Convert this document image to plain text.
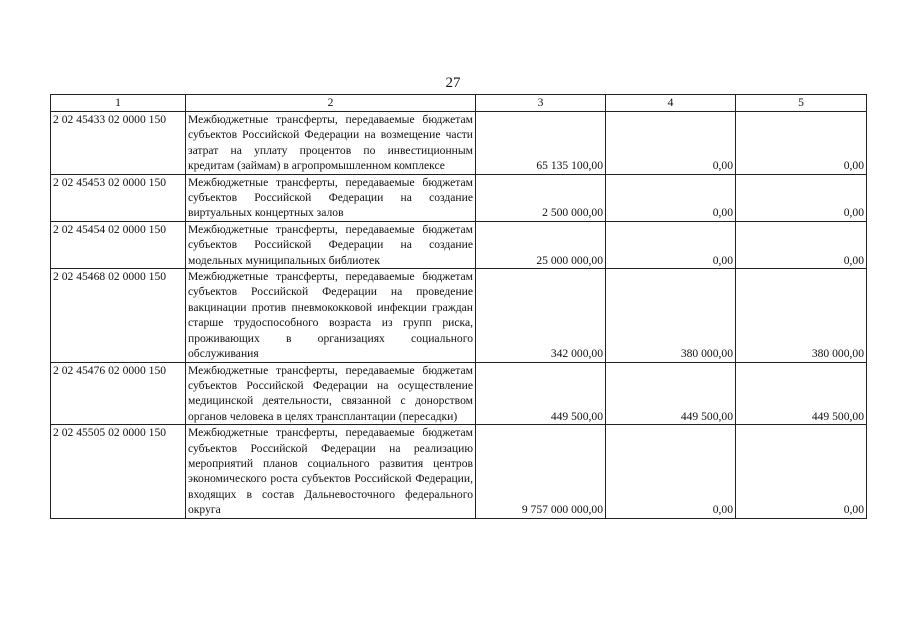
27
1	2	3	4	5
2 02 45433 02 0000 150	Межбюджетные трансферты, передаваемые бюджетам субъектов Российской Федерации на возмещение части затрат на уплату процентов по инвестиционным кредитам (займам) в агропромышленном комплексе	65 135 100,00	0,00	0,00
2 02 45453 02 0000 150	Межбюджетные трансферты, передаваемые бюджетам субъектов Российской Федерации на создание виртуальных концертных залов	2 500 000,00	0,00	0,00
2 02 45454 02 0000 150	Межбюджетные трансферты, передаваемые бюджетам субъектов Российской Федерации на создание модельных муниципальных библиотек	25 000 000,00	0,00	0,00
2 02 45468 02 0000 150	Межбюджетные трансферты, передаваемые бюджетам субъектов Российской Федерации на проведение вакцинации против пневмококковой инфекции граждан старше трудоспособного возраста из групп риска, проживающих в организациях социального обслуживания	342 000,00	380 000,00	380 000,00
2 02 45476 02 0000 150	Межбюджетные трансферты, передаваемые бюджетам субъектов Российской Федерации на осуществление медицинской деятельности, связанной с донорством органов человека в целях трансплантации (пересадки)	449 500,00	449 500,00	449 500,00
2 02 45505 02 0000 150	Межбюджетные трансферты, передаваемые бюджетам субъектов Российской Федерации на реализацию мероприятий планов социального развития центров экономического роста субъектов Российской Федерации, входящих в состав Дальневосточного федерального округа	9 757 000 000,00	0,00	0,00
